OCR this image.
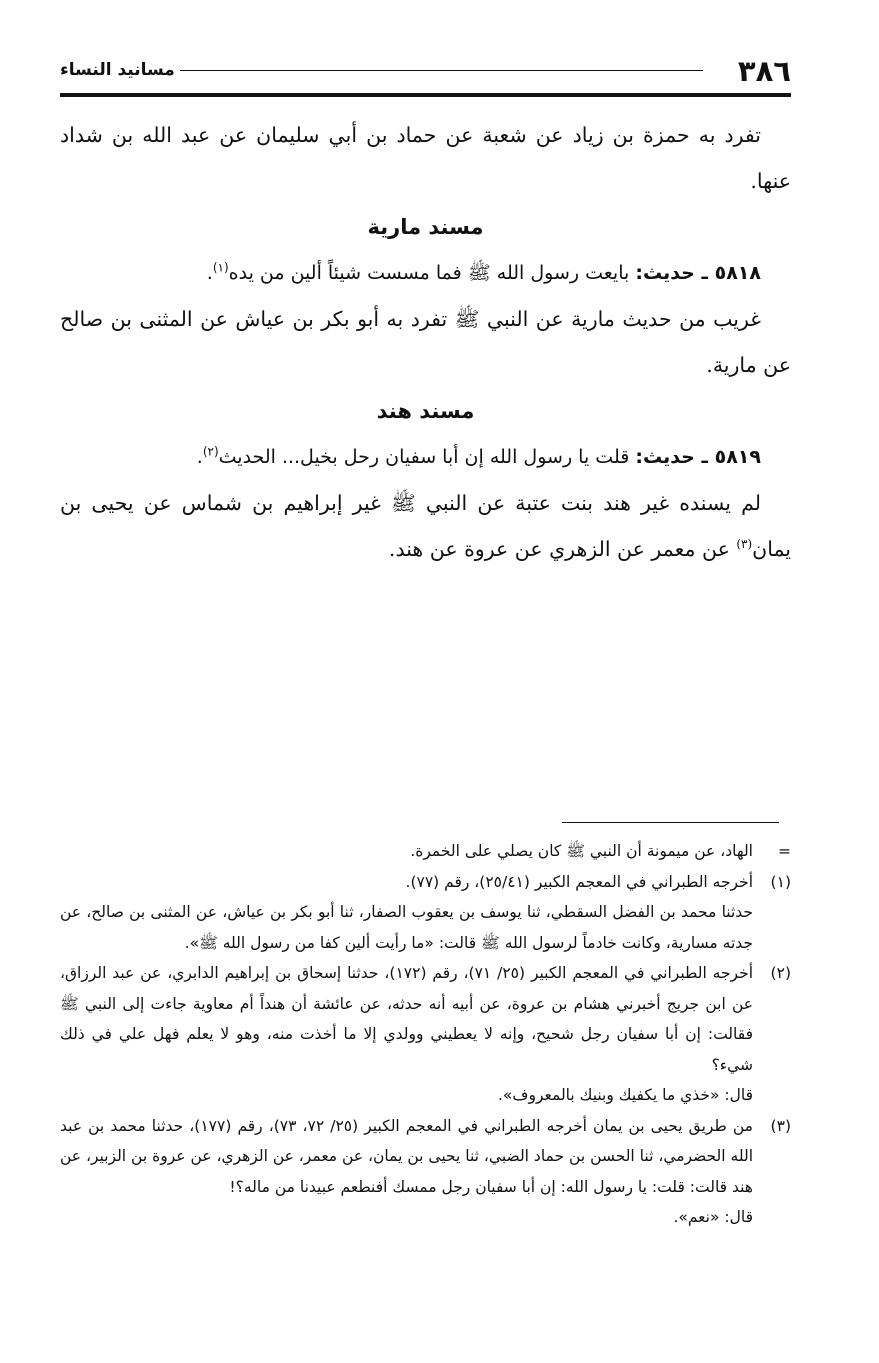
٣٨٦
مسانيد النساء

تفرد به حمزة بن زياد عن شعبة عن حماد بن أبي سليمان عن عبد الله بن شداد عنها.

مسند مارية

٥٨١٨ ـ حديث: بايعت رسول الله ﷺ فما مسست شيئاً ألين من يده$^{(١)}$.

غريب من حديث مارية عن النبي ﷺ تفرد به أبو بكر بن عياش عن المثنى بن صالح عن مارية.

مسند هند

٥٨١٩ ـ حديث: قلت يا رسول الله إن أبا سفيان رحل بخيل... الحديث$^{(٢)}$.

لم يسنده غير هند بنت عتبة عن النبي ﷺ غير إبراهيم بن شماس عن يحيى بن يمان$^{(٣)}$ عن معمر عن الزهري عن عروة عن هند.

=

الهاد، عن ميمونة أن النبي ﷺ كان يصلي على الخمرة.

(١)

أخرجه الطبراني في المعجم الكبير (٢٥/٤١)، رقم (٧٧).

حدثنا محمد بن الفضل السقطي، ثنا يوسف بن يعقوب الصفار، ثنا أبو بكر بن عياش، عن المثنى بن صالح، عن جدته مسارية، وكانت خادماً لرسول الله ﷺ قالت: «ما رأيت ألين كفا من رسول الله ﷺ».

(٢)

أخرجه الطبراني في المعجم الكبير (٢٥/ ٧١)، رقم (١٧٢)، حدثنا إسحاق بن إبراهيم الدابري، عن عبد الرزاق، عن ابن جريج أخبرني هشام بن عروة، عن أبيه أنه حدثه، عن عائشة أن هنداً أم معاوية جاءت إلى النبي ﷺ فقالت: إن أبا سفيان رجل شحيح، وإنه لا يعطيني وولدي إلا ما أخذت منه، وهو لا يعلم فهل علي في ذلك شيء؟

قال: «خذي ما يكفيك وبنيك بالمعروف».

(٣)

من طريق يحيى بن يمان أخرجه الطبراني في المعجم الكبير (٢٥/ ٧٢، ٧٣)، رقم (١٧٧)، حدثنا محمد بن عبد الله الحضرمي، ثنا الحسن بن حماد الضبي، ثنا يحيى بن يمان، عن معمر، عن الزهري، عن عروة بن الزبير، عن هند قالت: قلت: يا رسول الله: إن أبا سفيان رجل ممسك أفنطعم عبيدنا من ماله؟!

قال: «نعم».
